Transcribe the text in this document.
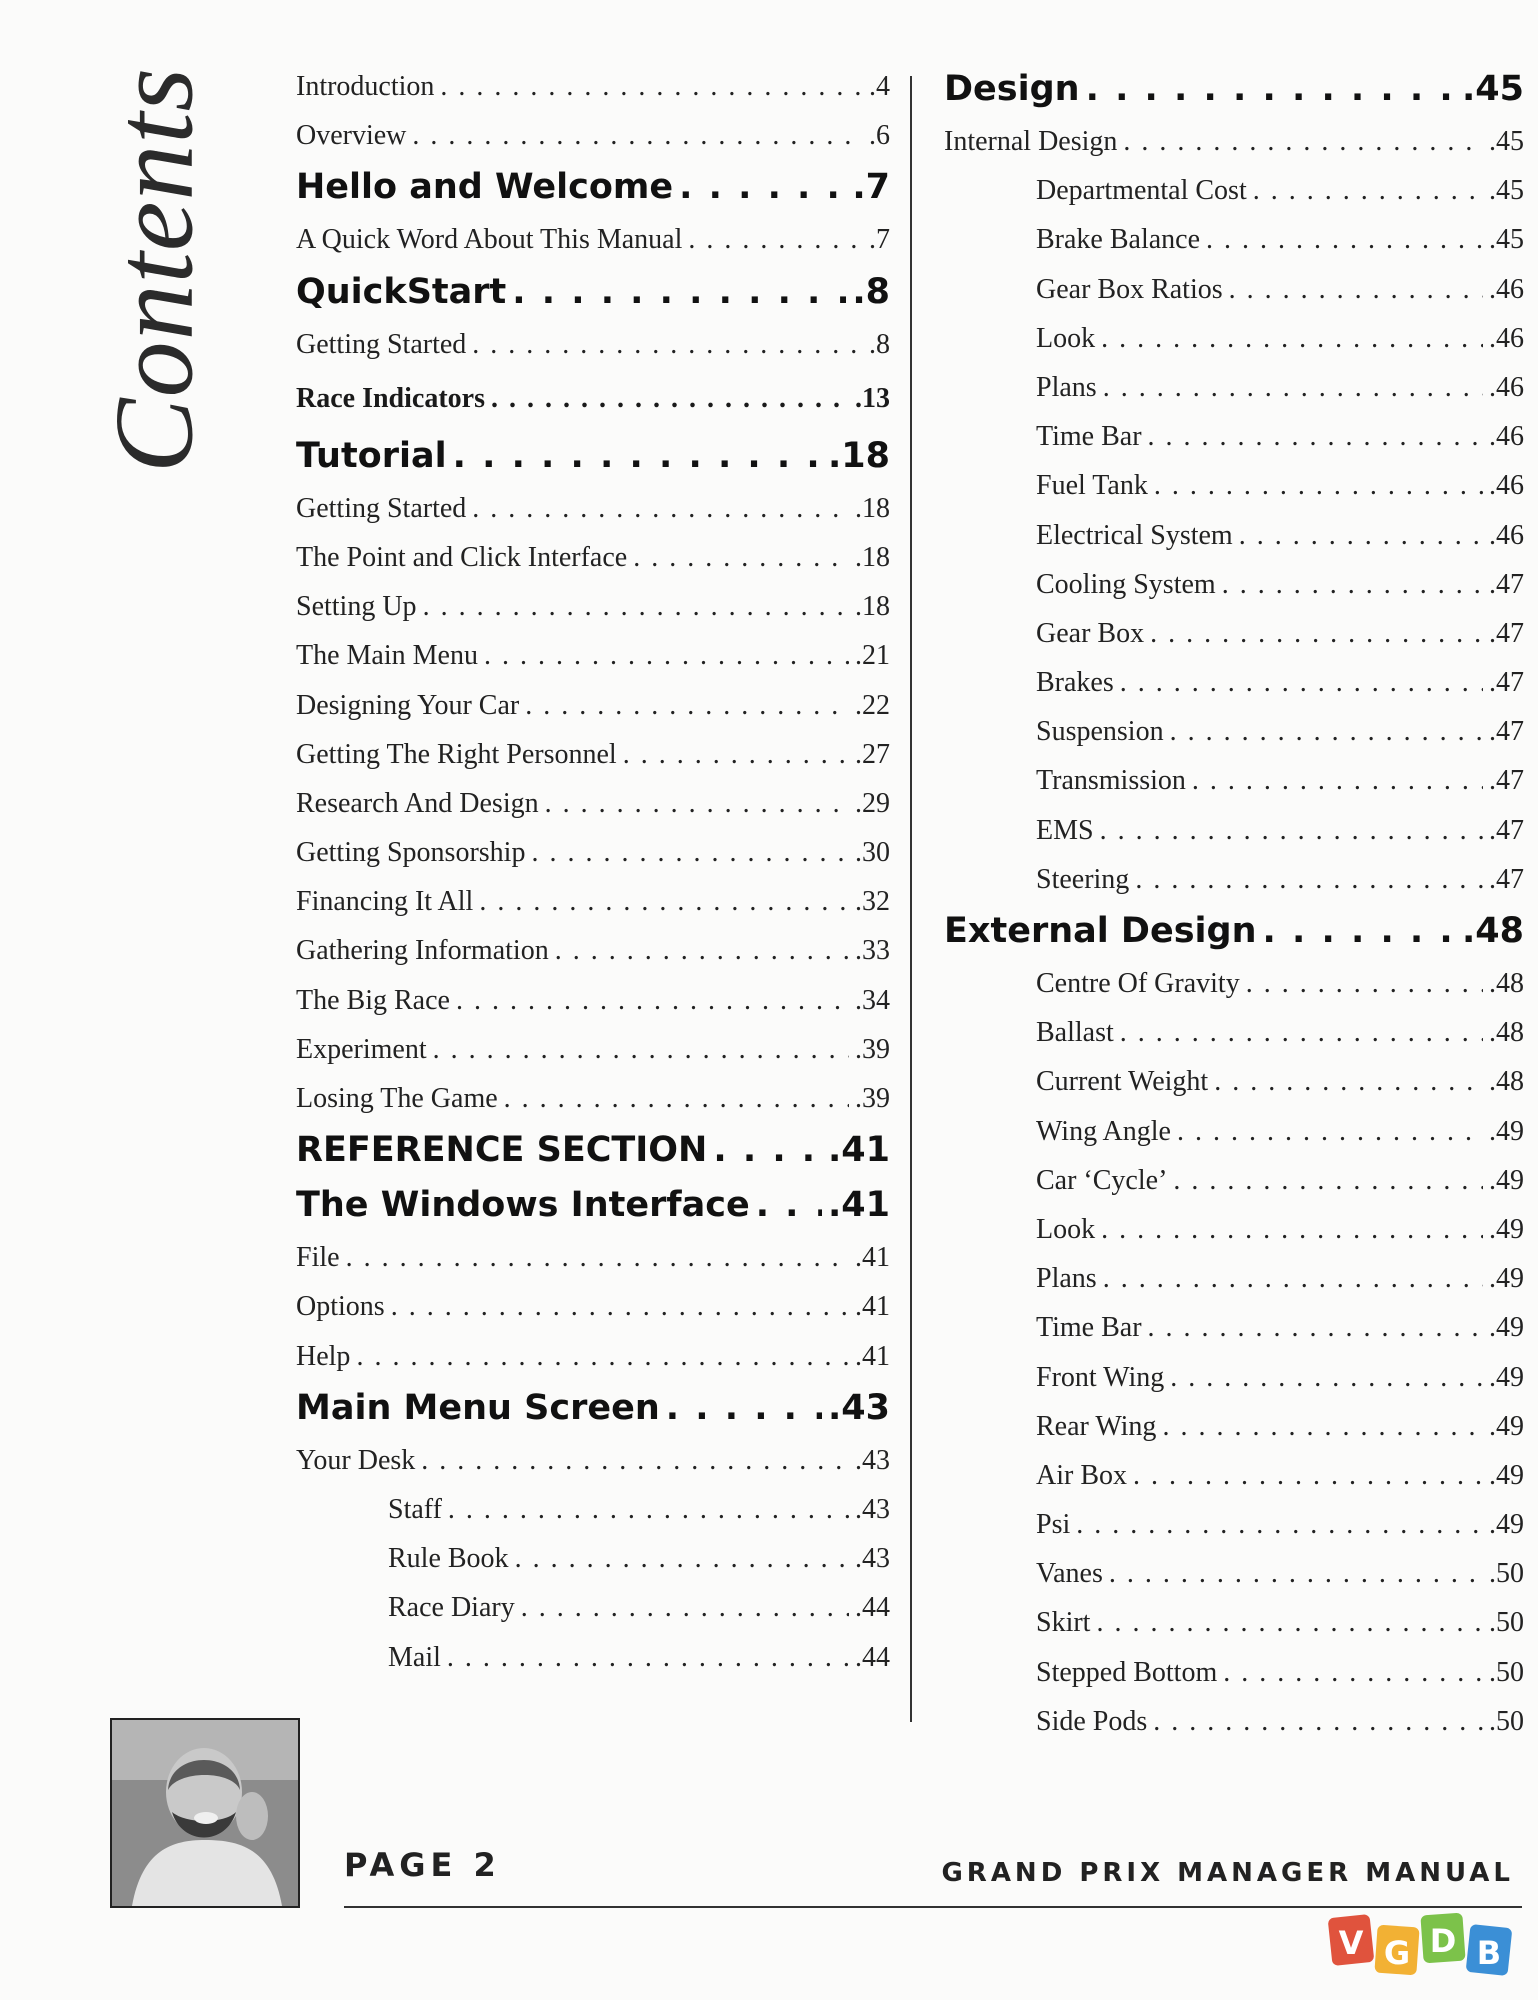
Contents	Introduction . . .	.4
Overview . . .	.6
Hello and Welcome . . .	.7
A Quick Word About This Manual . . .	.7
QuickStart . . .	.8
Getting Started . . .	.8
Race Indicators . . .	.13
Tutorial . . .	.18
Getting Started . . .	.18
The Point and Click Interface . . .	.18
Setting Up . . .	.18
The Main Menu . . .	.21
Designing Your Car . . .	.22
Getting The Right Personnel . . .	.27
Research And Design . . .	.29
Getting Sponsorship . . .	.30
Financing It All . . .	.32
Gathering Information . . .	.33
The Big Race . . .	.34
Experiment . . .	.39
Losing The Game . . .	.39
REFERENCE SECTION . . .	.41
The Windows Interface . . . .41
File . . .	.41
Options . . .	.41
Help . . .	.41
Main Menu Screen . . .	.43
Your Desk . . .	.43
Staff . . .	.43
Rule Book . . .	.43
Race Diary . . .	.44
Mail . . .	.44
Design . . .	.45
Internal Design . . .	.45
Departmental Cost . . .	.45
Brake Balance . . .	.45
Gear Box Ratios . . .	.46
Look . . .	.46
Plans . . .	.46
Time Bar . . .	.46
Fuel Tank . . .	.46
Electrical System . . .	.46
Cooling System . . .	.47
Gear Box . . .	.47
Brakes . . .	.47
Suspension . . .	.47
Transmission . . .	.47
EMS . . .	.47
Steering . . .	.47
External Design . . .	.48
Centre Of Gravity . . .	.48
Ballast . . .	.48
Current Weight . . .	.48
Wing Angle . . .	.49
Car ‘Cycle’ . . .	.49
Look . . .	.49
Plans . . .	.49
Time Bar . . .	.49
Front Wing . . .	.49
Rear Wing . . .	.49
Air Box . . .	.49
Psi . . .	.49
Vanes . . .	.50
Skirt . . .	.50
Stepped Bottom . . .	.50
Side Pods . . .	.50
PAGE 2	GRAND PRIX MANAGER MANUAL
V G D B
